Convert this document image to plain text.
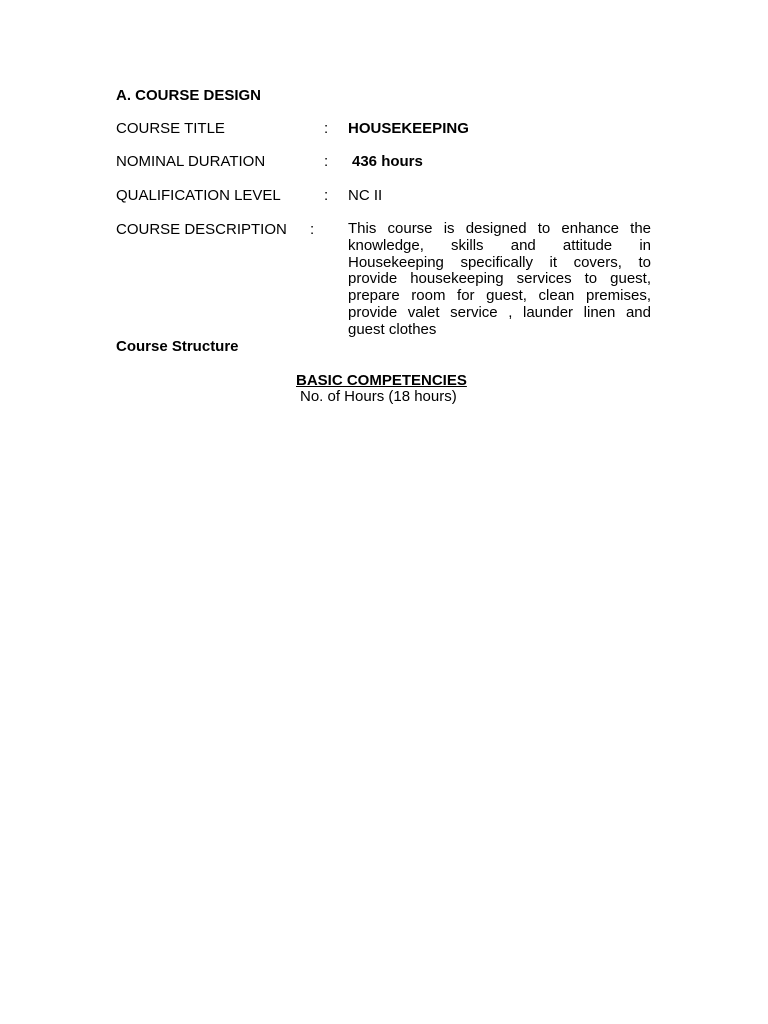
A. COURSE DESIGN
COURSE TITLE	: HOUSEKEEPING
NOMINAL DURATION	: 436 hours
QUALIFICATION LEVEL	: NC II
COURSE DESCRIPTION : This course is designed to enhance the knowledge, skills and attitude in Housekeeping specifically it covers, to provide housekeeping services to guest, prepare room for guest, clean premises, provide valet service , launder linen and guest clothes
Course Structure
BASIC COMPETENCIES
No. of Hours (18 hours)
